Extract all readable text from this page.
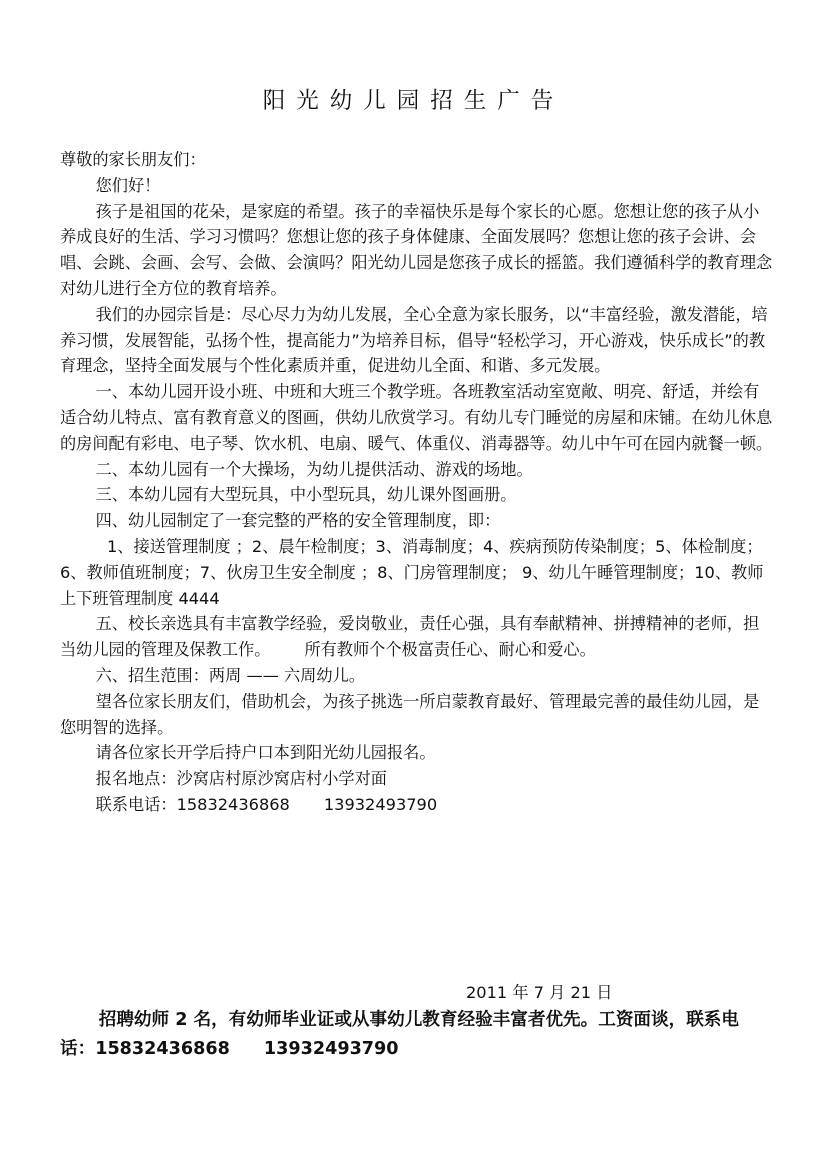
阳光幼儿园招生广告

尊敬的家长朋友们：

您们好！

孩子是祖国的花朵，是家庭的希望。孩子的幸福快乐是每个家长的心愿。您想让您的孩子从小养成良好的生活、学习习惯吗？您想让您的孩子身体健康、全面发展吗？您想让您的孩子会讲、会唱、会跳、会画、会写、会做、会演吗？阳光幼儿园是您孩子成长的摇篮。我们遵循科学的教育理念对幼儿进行全方位的教育培养。

我们的办园宗旨是：尽心尽力为幼儿发展，全心全意为家长服务，以“丰富经验，激发潜能，培养习惯，发展智能，弘扬个性，提高能力”为培养目标，倡导“轻松学习，开心游戏，快乐成长”的教育理念，坚持全面发展与个性化素质并重，促进幼儿全面、和谐、多元发展。

一、本幼儿园开设小班、中班和大班三个教学班。各班教室活动室宽敞、明亮、舒适，并绘有适合幼儿特点、富有教育意义的图画，供幼儿欣赏学习。有幼儿专门睡觉的房屋和床铺。在幼儿休息的房间配有彩电、电子琴、饮水机、电扇、暖气、体重仪、消毒器等。幼儿中午可在园内就餐一顿。

二、本幼儿园有一个大操场，为幼儿提供活动、游戏的场地。

三、本幼儿园有大型玩具，中小型玩具，幼儿课外图画册。

四、幼儿园制定了一套完整的严格的安全管理制度，即：

1、接送管理制度 ；2、晨午检制度；3、消毒制度；4、疾病预防传染制度；5、体检制度；6、教师值班制度；7、伙房卫生安全制度 ；8、门房管理制度； 9、幼儿午睡管理制度；10、教师上下班管理制度 4444

五、校长亲选具有丰富教学经验，爱岗敬业，责任心强，具有奉献精神、拼搏精神的老师，担当幼儿园的管理及保教工作。 所有教师个个极富责任心、耐心和爱心。

六、招生范围：两周 —— 六周幼儿。

望各位家长朋友们，借助机会，为孩子挑选一所启蒙教育最好、管理最完善的最佳幼儿园，是您明智的选择。

请各位家长开学后持户口本到阳光幼儿园报名。

报名地点：沙窝店村原沙窝店村小学对面

联系电话：15832436868 13932493790

2011 年 7 月 21 日

招聘幼师 2 名，有幼师毕业证或从事幼儿教育经验丰富者优先。工资面谈，联系电话：15832436868 13932493790
